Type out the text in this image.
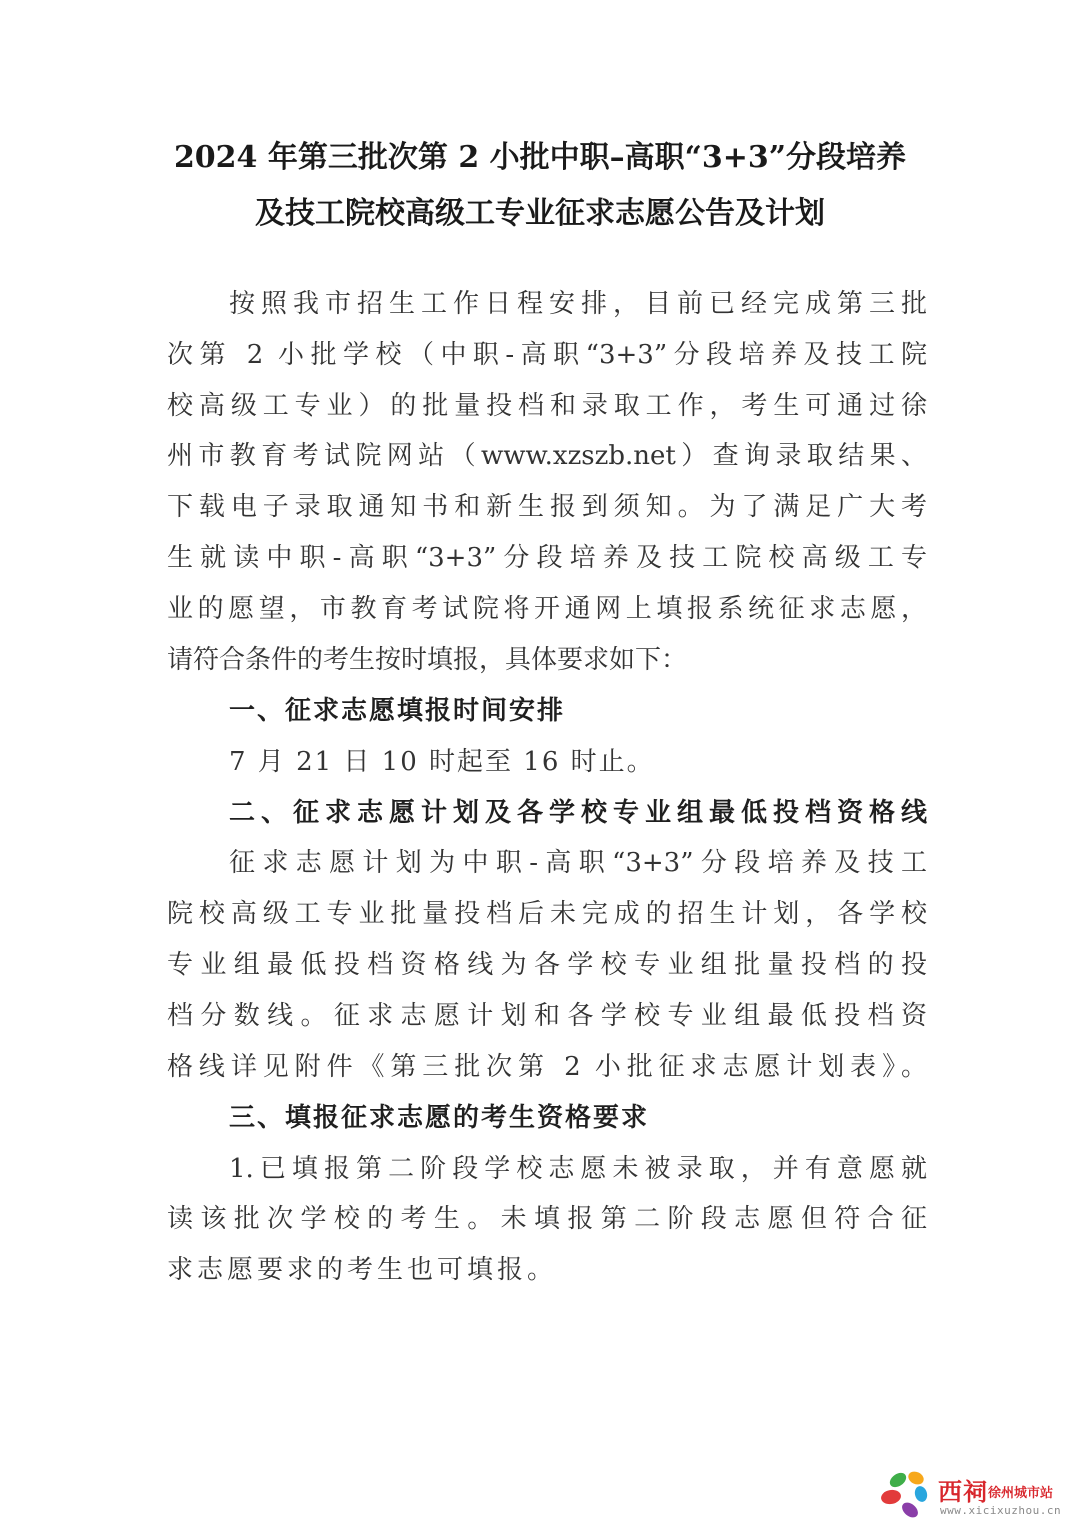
2024 年第三批次第 2 小批中职–高职“3+3”分段培养
及技工院校高级工专业征求志愿公告及计划
按照我市招生工作日程安排，目前已经完成第三批
次第 2 小批学校（中职-高职“3+3”分段培养及技工院
校高级工专业）的批量投档和录取工作，考生可通过徐
州市教育考试院网站（www.xzszb.net）查询录取结果、
下载电子录取通知书和新生报到须知。为了满足广大考
生就读中职-高职“3+3”分段培养及技工院校高级工专
业的愿望，市教育考试院将开通网上填报系统征求志愿，
请符合条件的考生按时填报，具体要求如下：
一、征求志愿填报时间安排
7 月 21 日 10 时起至 16 时止。
二、征求志愿计划及各学校专业组最低投档资格线
征求志愿计划为中职-高职“3+3”分段培养及技工
院校高级工专业批量投档后未完成的招生计划，各学校
专业组最低投档资格线为各学校专业组批量投档的投
档分数线。征求志愿计划和各学校专业组最低投档资
格线详见附件《第三批次第 2 小批征求志愿计划表》。
三、填报征求志愿的考生资格要求
1.已填报第二阶段学校志愿未被录取，并有意愿就
读该批次学校的考生。未填报第二阶段志愿但符合征
求志愿要求的考生也可填报。
西祠徐州城市站
www.xicixuzhou.cn
